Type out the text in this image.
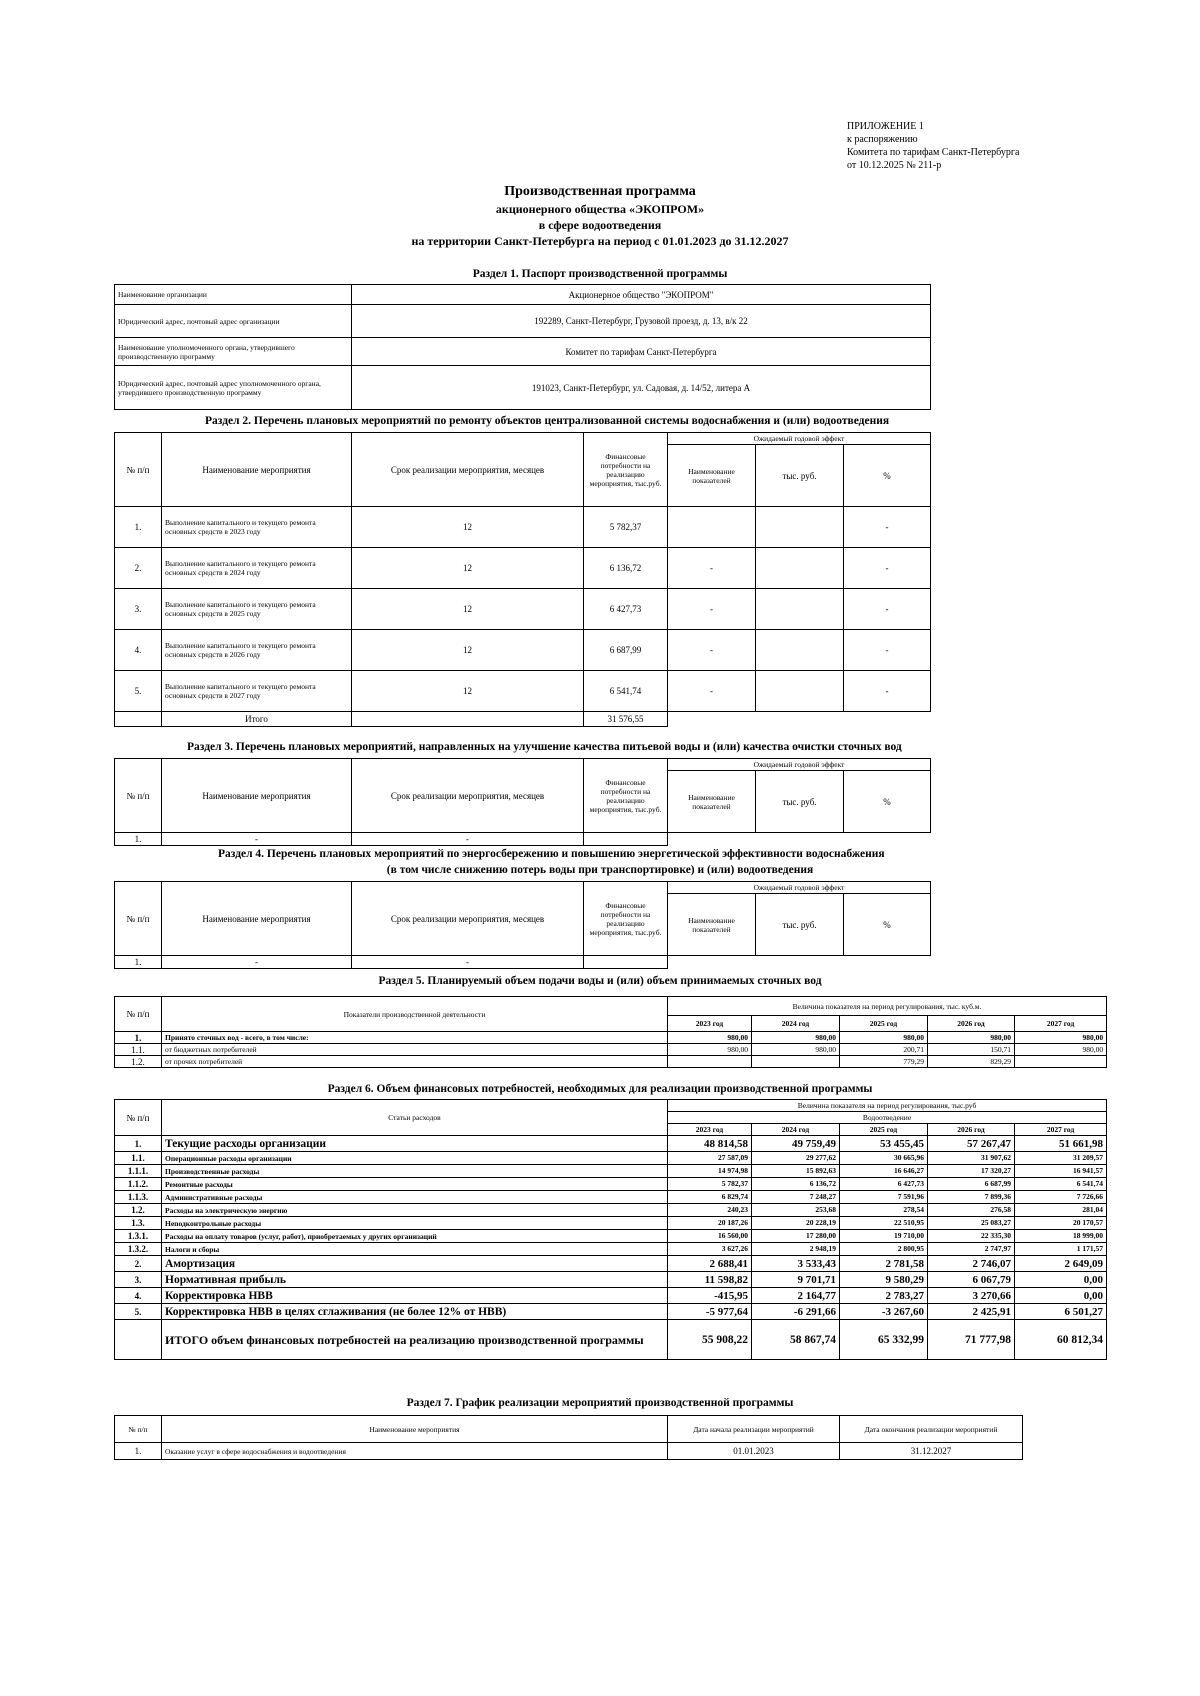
ПРИЛОЖЕНИЕ 1
к распоряжению
Комитета по тарифам Санкт-Петербурга
от 10.12.2025 № 211-р
Производственная программа
акционерного общества «ЭКОПРОМ»
в сфере водоотведения
на территории Санкт-Петербурга на период с 01.01.2023 до 31.12.2027
Раздел 1. Паспорт производственной программы
Наименование организации	Акционерное общество "ЭКОПРОМ"
Юридический адрес, почтовый адрес организации	192289, Санкт-Петербург, Грузовой проезд, д. 13, в/к 22
Наименование уполномоченного органа, утвердившего производственную программу	Комитет по тарифам Санкт-Петербурга
Юридический адрес, почтовый адрес уполномоченного органа, утвердившего производственную программу	191023, Санкт-Петербург, ул. Садовая, д. 14/52, литера А
Раздел 2. Перечень плановых мероприятий по ремонту объектов централизованной системы водоснабжения и (или) водоотведения
№ п/п	Наименование мероприятия	Срок реализации мероприятия, месяцев	Финансовые потребности на реализацию мероприятия, тыс.руб.	Ожидаемый годовой эффект		
				Наименование показателей	тыс. руб.	%
1.	Выполнение капитального и текущего ремонта основных средств в 2023 году	12	5 782,37			-
2.	Выполнение капитального и текущего ремонта основных средств в 2024 году	12	6 136,72	-		-
3.	Выполнение капитального и текущего ремонта основных средств в 2025 году	12	6 427,73	-		-
4.	Выполнение капитального и текущего ремонта основных средств в 2026 году	12	6 687,99	-		-
5.	Выполнение капитального и текущего ремонта основных средств в 2027 году	12	6 541,74	-		-
	Итого		31 576,55			
Раздел 3. Перечень плановых мероприятий, направленных на улучшение качества питьевой воды и (или) качества очистки сточных вод
№ п/п	Наименование мероприятия	Срок реализации мероприятия, месяцев	Финансовые потребности на реализацию мероприятия, тыс.руб.	Ожидаемый годовой эффект		
				Наименование показателей	тыс. руб.	%
1.	-	-				
Раздел 4. Перечень плановых мероприятий по энергосбережению и повышению энергетической эффективности водоснабжения
(в том числе снижению потерь воды при транспортировке) и (или) водоотведения
№ п/п	Наименование мероприятия	Срок реализации мероприятия, месяцев	Финансовые потребности на реализацию мероприятия, тыс.руб.	Ожидаемый годовой эффект		
				Наименование показателей	тыс. руб.	%
1.	-	-				
Раздел 5. Планируемый объем подачи воды и (или) объем принимаемых сточных вод
№ п/п	Показатели производственной деятельности	Величина показателя на период регулирования, тыс. куб.м.				
		2023 год	2024 год	2025 год	2026 год	2027 год
1.	Принято сточных вод - всего, в том числе:	980,00	980,00	980,00	980,00	980,00
1.1.	от бюджетных потребителей	980,00	980,00	200,71	150,71	980,00
1.2.	от прочих потребителей			779,29	829,29	
Раздел 6. Объем финансовых потребностей, необходимых для реализации производственной программы
№ п/п	Статьи расходов	Величина показателя на период регулирования, тыс.руб				
		Водоотведение				
		2023 год	2024 год	2025 год	2026 год	2027 год
1.	Текущие расходы организации	48 814,58	49 759,49	53 455,45	57 267,47	51 661,98
1.1.	Операционные расходы организации	27 587,09	29 277,62	30 665,96	31 907,62	31 209,57
1.1.1.	Производственные расходы	14 974,98	15 892,63	16 646,27	17 320,27	16 941,57
1.1.2.	Ремонтные расходы	5 782,37	6 136,72	6 427,73	6 687,99	6 541,74
1.1.3.	Административные расходы	6 829,74	7 248,27	7 591,96	7 899,36	7 726,66
1.2.	Расходы на электрическую энергию	240,23	253,68	278,54	276,58	281,04
1.3.	Неподконтрольные расходы	20 187,26	20 228,19	22 510,95	25 083,27	20 170,57
1.3.1.	Расходы на оплату товаров (услуг, работ), приобретаемых у других организаций	16 560,00	17 280,00	19 710,00	22 335,30	18 999,00
1.3.2.	Налоги и сборы	3 627,26	2 948,19	2 800,95	2 747,97	1 171,57
2.	Амортизация	2 688,41	3 533,43	2 781,58	2 746,07	2 649,09
3.	Нормативная прибыль	11 598,82	9 701,71	9 580,29	6 067,79	0,00
4.	Корректировка НВВ	-415,95	2 164,77	2 783,27	3 270,66	0,00
5.	Корректировка НВВ в целях сглаживания (не более 12% от НВВ)	-5 977,64	-6 291,66	-3 267,60	2 425,91	6 501,27
	ИТОГО объем финансовых потребностей на реализацию производственной программы	55 908,22	58 867,74	65 332,99	71 777,98	60 812,34
Раздел 7. График реализации мероприятий производственной программы
№ п/п	Наименование мероприятия	Дата начала реализации мероприятий	Дата окончания реализации мероприятий
1.	Оказание услуг в сфере водоснабжения и водоотведения	01.01.2023	31.12.2027
